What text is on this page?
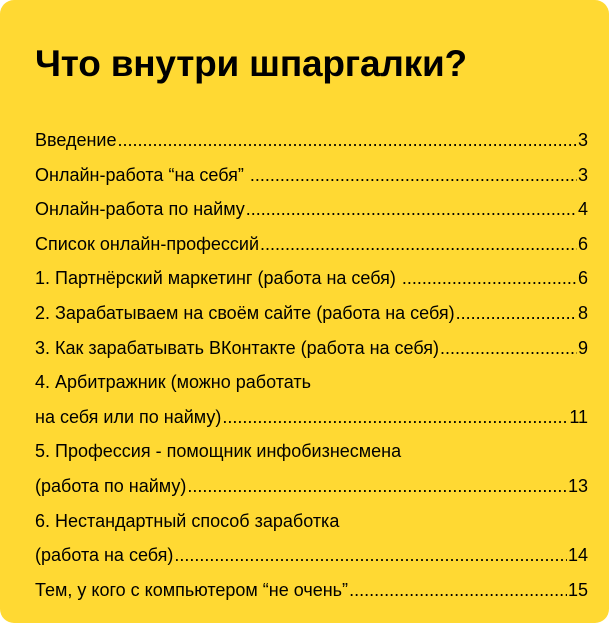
Что внутри шпаргалки?
Введение .....	3
Онлайн-работа “на себя” .....	3
Онлайн-работа по найму .....	4
Список онлайн-профессий .....	6
1. Партнёрский маркетинг (работа на себя) .....	6
2. Зарабатываем на своём сайте (работа на себя) .....	8
3. Как зарабатывать ВКонтакте (работа на себя) .....	9
4. Арбитражник (можно работать
на себя или по найму) .....	11
5. Профессия - помощник инфобизнесмена
(работа по найму) .....	13
6. Нестандартный способ заработка
(работа на себя) .....	14
Тем, у кого с компьютером “не очень” .....	15
